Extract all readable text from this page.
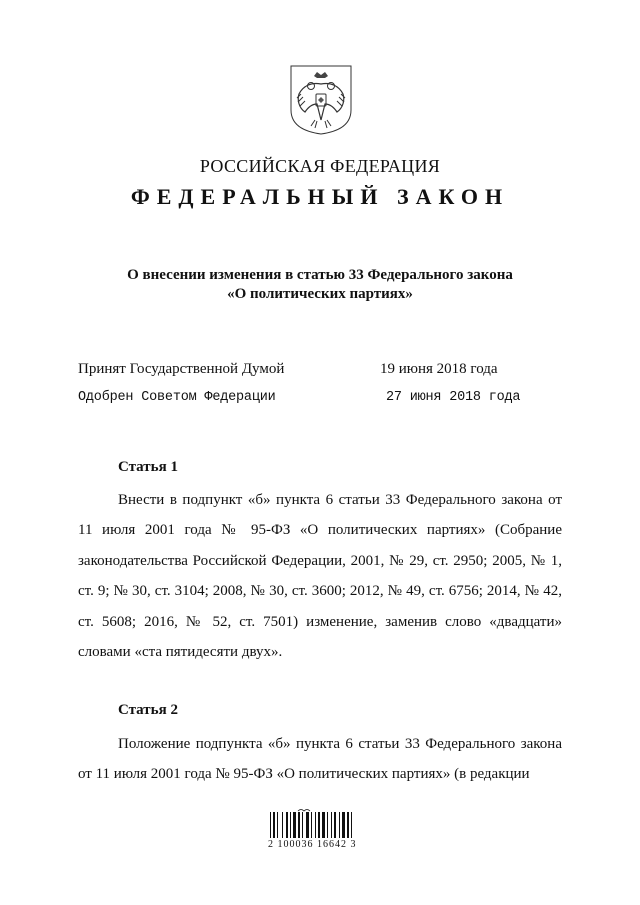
РОССИЙСКАЯ ФЕДЕРАЦИЯ
ФЕДЕРАЛЬНЫЙ ЗАКОН
О внесении изменения в статью 33 Федерального закона
«О политических партиях»
Принят Государственной Думой	19 июня 2018 года
Одобрен Советом Федерации	27 июня 2018 года
Статья 1
Внести в подпункт «б» пункта 6 статьи 33 Федерального закона от 11 июля 2001 года № 95-ФЗ «О политических партиях» (Собрание законодательства Российской Федерации, 2001, № 29, ст. 2950; 2005, № 1, ст. 9; № 30, ст. 3104; 2008, № 30, ст. 3600; 2012, № 49, ст. 6756; 2014, № 42, ст. 5608; 2016, № 52, ст. 7501) изменение, заменив слово «двадцати» словами «ста пятидесяти двух».
Статья 2
Положение подпункта «б» пункта 6 статьи 33 Федерального закона от 11 июля 2001 года № 95-ФЗ «О политических партиях» (в редакции
2 100036 16642 3
